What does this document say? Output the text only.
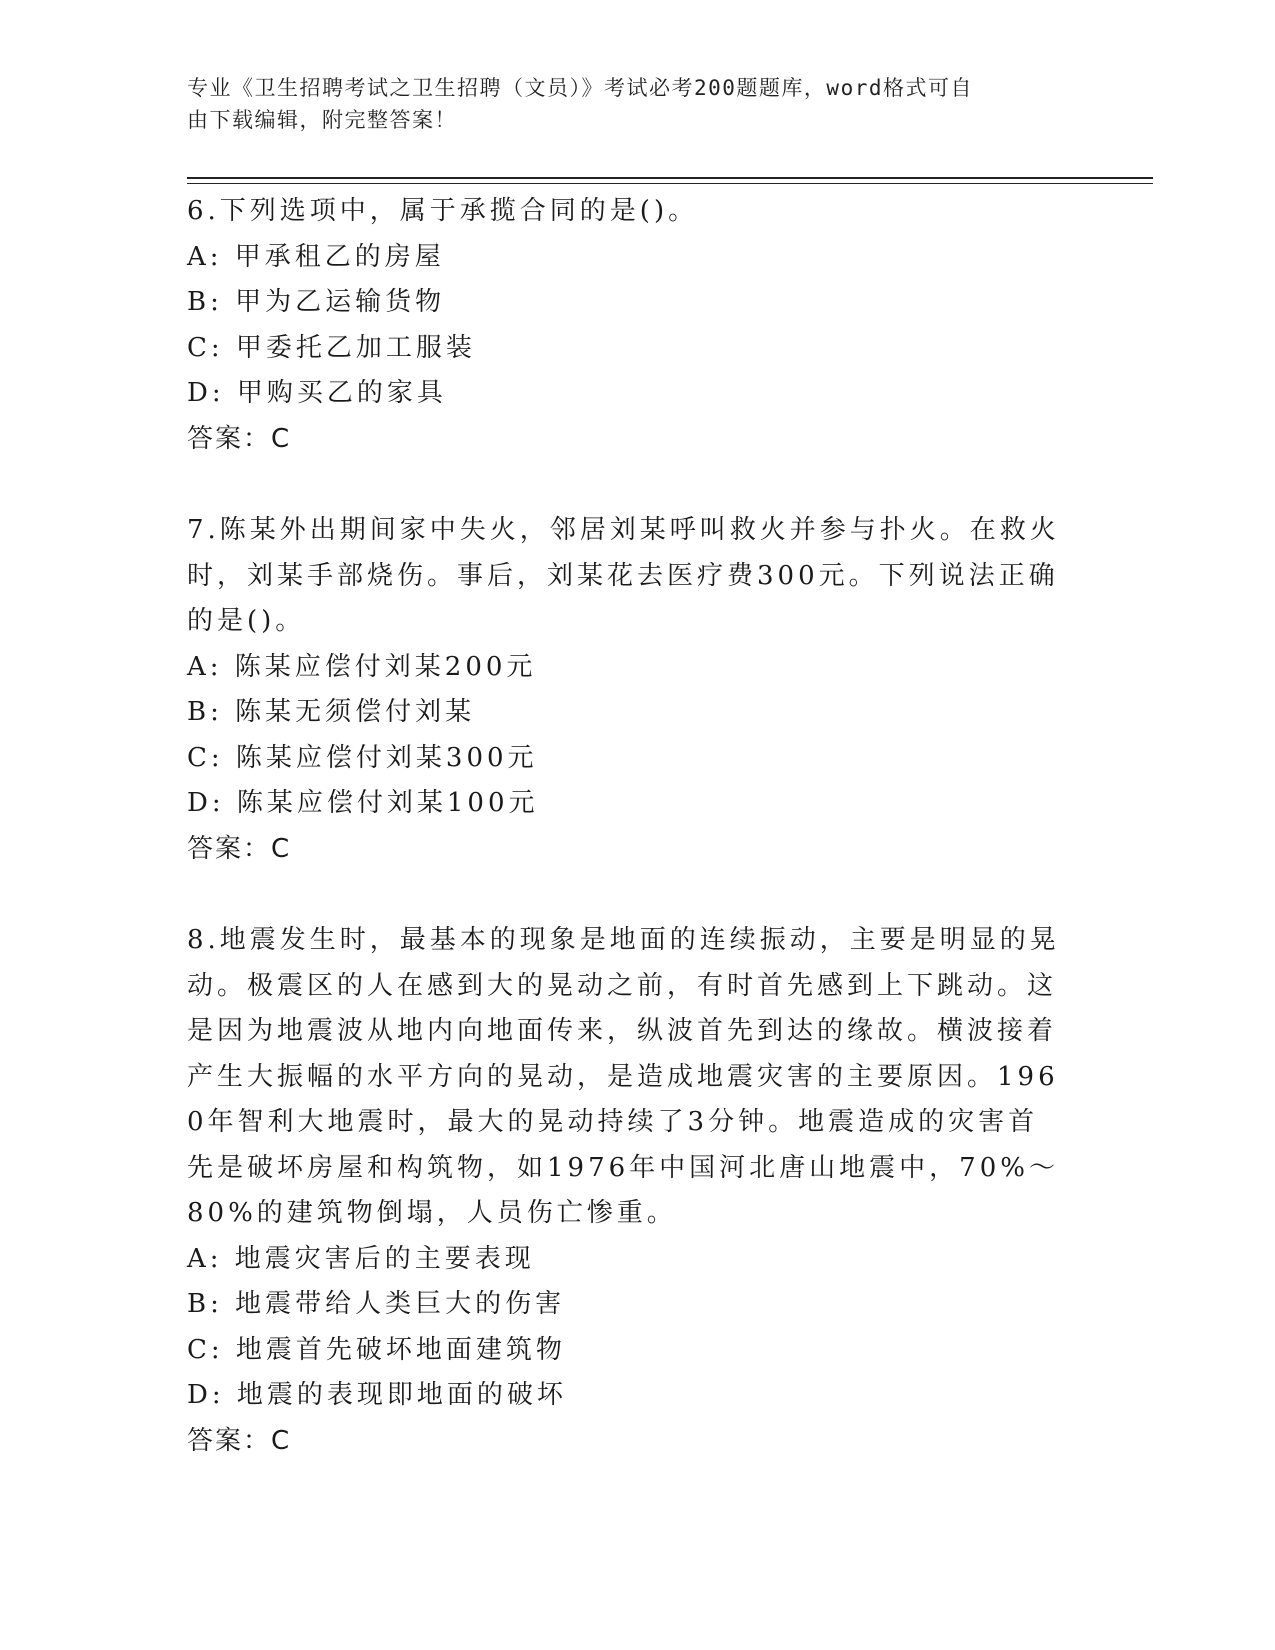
专业《卫生招聘考试之卫生招聘（文员）》考试必考200题题库，word格式可自
由下载编辑，附完整答案！

6.下列选项中，属于承揽合同的是()。

A: 甲承租乙的房屋

B: 甲为乙运输货物

C: 甲委托乙加工服装

D: 甲购买乙的家具

答案：C

7.陈某外出期间家中失火，邻居刘某呼叫救火并参与扑火。在救火时，刘某手部烧伤。事后，刘某花去医疗费300元。下列说法正确的是()。

A: 陈某应偿付刘某200元

B: 陈某无须偿付刘某

C: 陈某应偿付刘某300元

D: 陈某应偿付刘某100元

答案：C

8.地震发生时，最基本的现象是地面的连续振动，主要是明显的晃动。极震区的人在感到大的晃动之前，有时首先感到上下跳动。这是因为地震波从地内向地面传来，纵波首先到达的缘故。横波接着产生大振幅的水平方向的晃动，是造成地震灾害的主要原因。1960年智利大地震时，最大的晃动持续了3分钟。地震造成的灾害首先是破坏房屋和构筑物，如1976年中国河北唐山地震中，70%～80%的建筑物倒塌，人员伤亡惨重。

A: 地震灾害后的主要表现

B: 地震带给人类巨大的伤害

C: 地震首先破坏地面建筑物

D: 地震的表现即地面的破坏

答案：C
